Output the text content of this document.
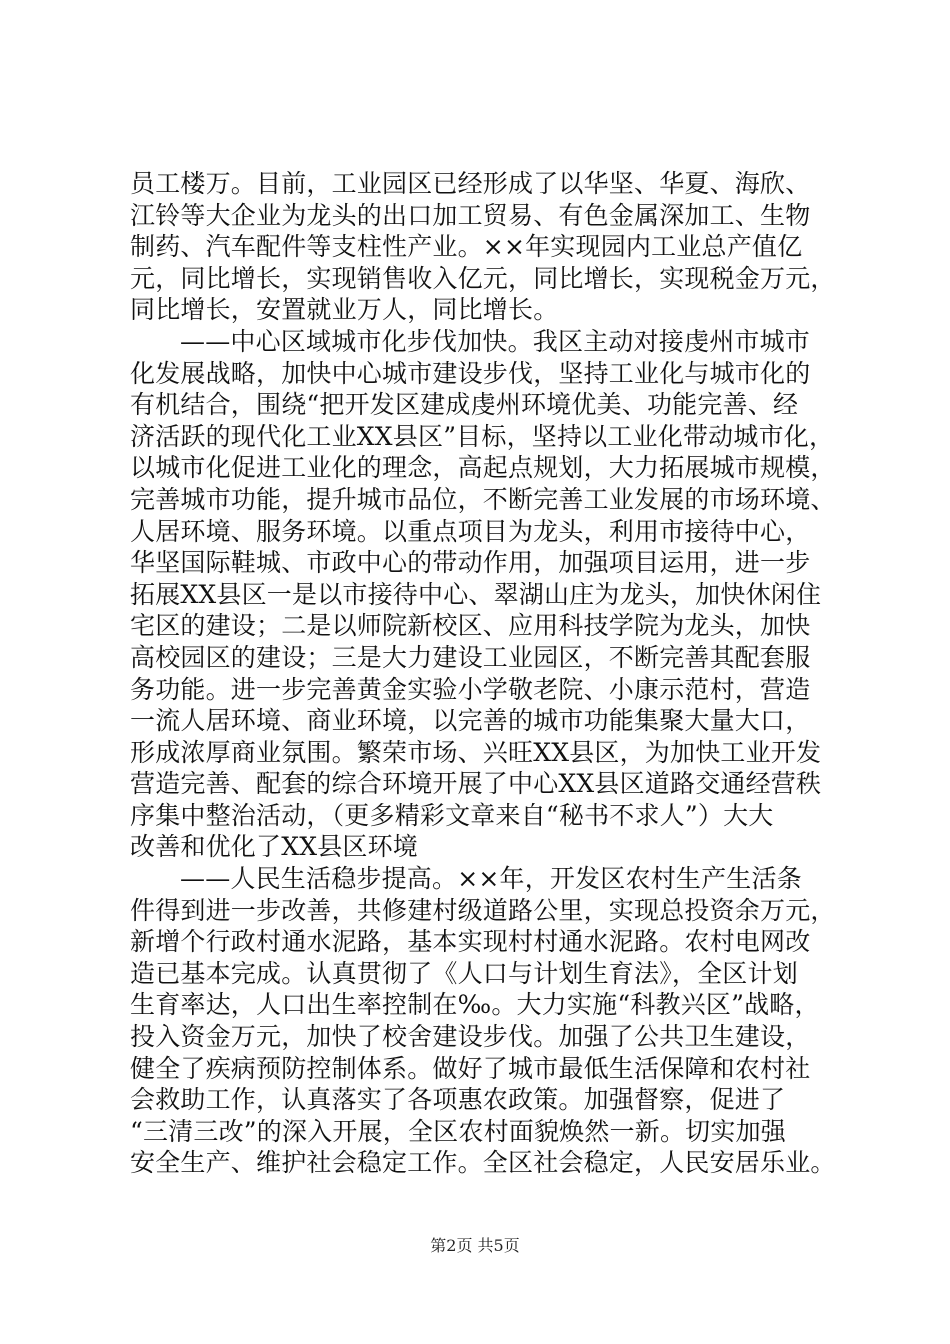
员工楼万。目前，工业园区已经形成了以华坚、华夏、海欣、
江铃等大企业为龙头的出口加工贸易、有色金属深加工、生物
制药、汽车配件等支柱性产业。××年实现园内工业总产值亿
元，同比增长，实现销售收入亿元，同比增长，实现税金万元，
同比增长，安置就业万人，同比增长。
——中心区域城市化步伐加快。我区主动对接虔州市城市
化发展战略，加快中心城市建设步伐，坚持工业化与城市化的
有机结合，围绕“把开发区建成虔州环境优美、功能完善、经
济活跃的现代化工业XX县区”目标，坚持以工业化带动城市化，
以城市化促进工业化的理念，高起点规划，大力拓展城市规模，
完善城市功能，提升城市品位，不断完善工业发展的市场环境、
人居环境、服务环境。以重点项目为龙头，利用市接待中心，
华坚国际鞋城、市政中心的带动作用，加强项目运用，进一步
拓展XX县区一是以市接待中心、翠湖山庄为龙头，加快休闲住
宅区的建设；二是以师院新校区、应用科技学院为龙头，加快
高校园区的建设；三是大力建设工业园区，不断完善其配套服
务功能。进一步完善黄金实验小学敬老院、小康示范村，营造
一流人居环境、商业环境，以完善的城市功能集聚大量大口，
形成浓厚商业氛围。繁荣市场、兴旺XX县区，为加快工业开发
营造完善、配套的综合环境开展了中心XX县区道路交通经营秩
序集中整治活动，（更多精彩文章来自“秘书不求人”）大大
改善和优化了XX县区环境
——人民生活稳步提高。××年，开发区农村生产生活条
件得到进一步改善，共修建村级道路公里，实现总投资余万元，
新增个行政村通水泥路，基本实现村村通水泥路。农村电网改
造已基本完成。认真贯彻了《人口与计划生育法》，全区计划
生育率达，人口出生率控制在‰。大力实施“科教兴区”战略，
投入资金万元，加快了校舍建设步伐。加强了公共卫生建设，
健全了疾病预防控制体系。做好了城市最低生活保障和农村社
会救助工作，认真落实了各项惠农政策。加强督察，促进了
“三清三改”的深入开展，全区农村面貌焕然一新。切实加强
安全生产、维护社会稳定工作。全区社会稳定，人民安居乐业。
第2页 共5页
